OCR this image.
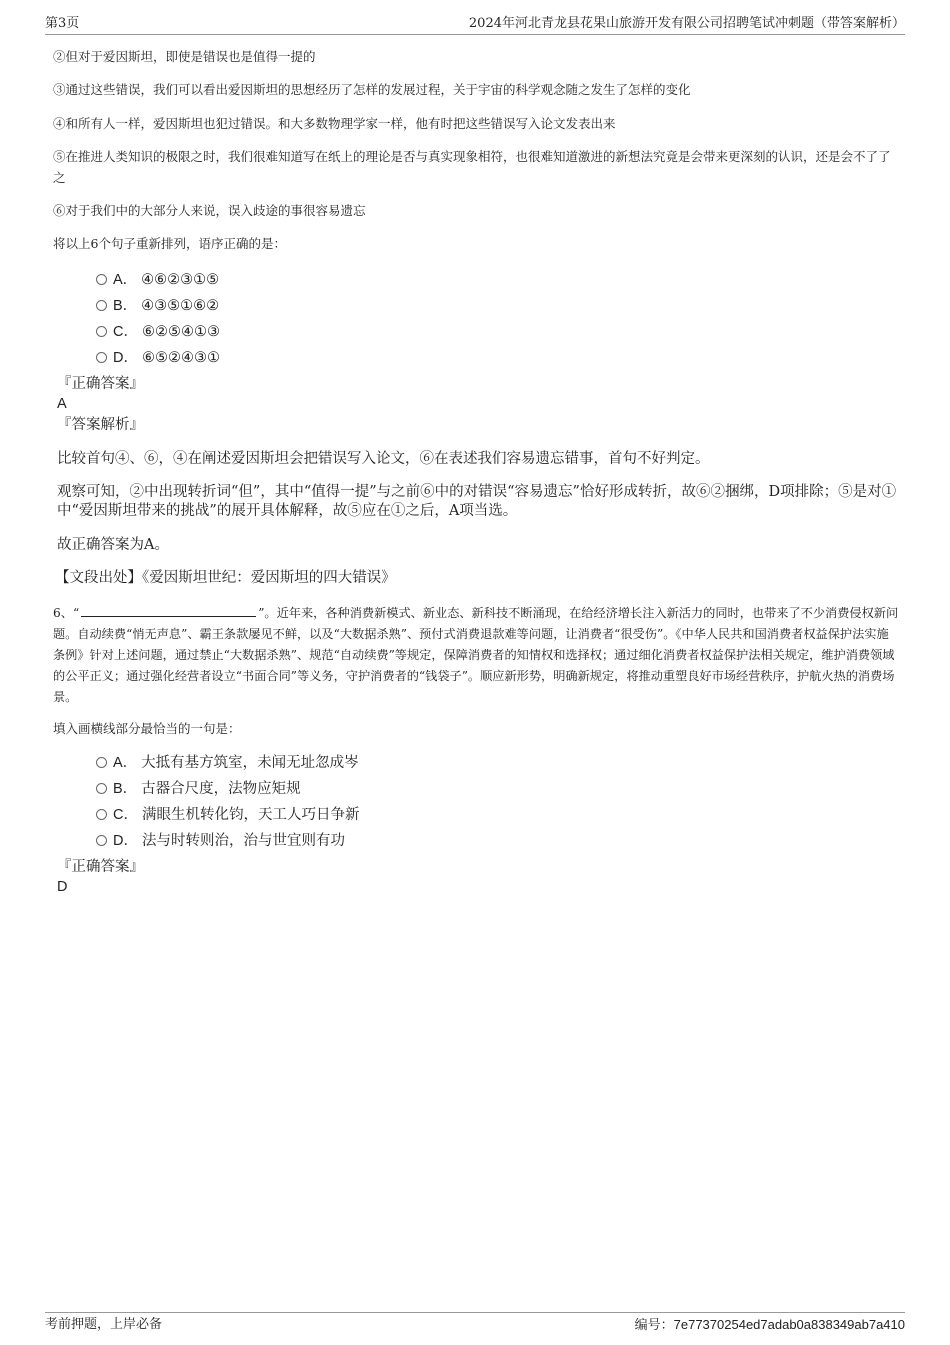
第3页	2024年河北青龙县花果山旅游开发有限公司招聘笔试冲刺题（带答案解析）
②但对于爱因斯坦，即使是错误也是值得一提的
③通过这些错误，我们可以看出爱因斯坦的思想经历了怎样的发展过程，关于宇宙的科学观念随之发生了怎样的变化
④和所有人一样，爱因斯坦也犯过错误。和大多数物理学家一样，他有时把这些错误写入论文发表出来
⑤在推进人类知识的极限之时，我们很难知道写在纸上的理论是否与真实现象相符，也很难知道激进的新想法究竟是会带来更深刻的认识，还是会不了了之
⑥对于我们中的大部分人来说，误入歧途的事很容易遗忘
将以上6个句子重新排列，语序正确的是：
A． ④⑥②③①⑤
B． ④③⑤①⑥②
C． ⑥②⑤④①③
D． ⑥⑤②④③①
『正确答案』
A
『答案解析』
比较首句④、⑥，④在阐述爱因斯坦会把错误写入论文，⑥在表述我们容易遗忘错事，首句不好判定。
观察可知，②中出现转折词“但”，其中“值得一提”与之前⑥中的对错误“容易遗忘”恰好形成转折，故⑥②捆绑，D项排除；⑤是对①中“爱因斯坦带来的挑战”的展开具体解释，故⑤应在①之后，A项当选。
故正确答案为A。
【文段出处】《爱因斯坦世纪：爱因斯坦的四大错误》
6、“	”。近年来，各种消费新模式、新业态、新科技不断涌现，在给经济增长注入新活力的同时，也带来了不少消费侵权新问题。自动续费“悄无声息”、霸王条款屡见不鲜，以及“大数据杀熟”、预付式消费退款难等问题，让消费者“很受伤”。《中华人民共和国消费者权益保护法实施条例》针对上述问题，通过禁止“大数据杀熟”、规范“自动续费”等规定，保障消费者的知情权和选择权；通过细化消费者权益保护法相关规定，维护消费领域的公平正义；通过强化经营者设立“书面合同”等义务，守护消费者的“钱袋子”。顺应新形势，明确新规定，将推动重塑良好市场经营秩序，护航火热的消费场景。
填入画横线部分最恰当的一句是：
A． 大抵有基方筑室，未闻无址忽成岑
B． 古器合尺度，法物应矩规
C． 满眼生机转化钧，天工人巧日争新
D． 法与时转则治，治与世宜则有功
『正确答案』
D
考前押题，上岸必备	编号：7e77370254ed7adab0a838349ab7a410
